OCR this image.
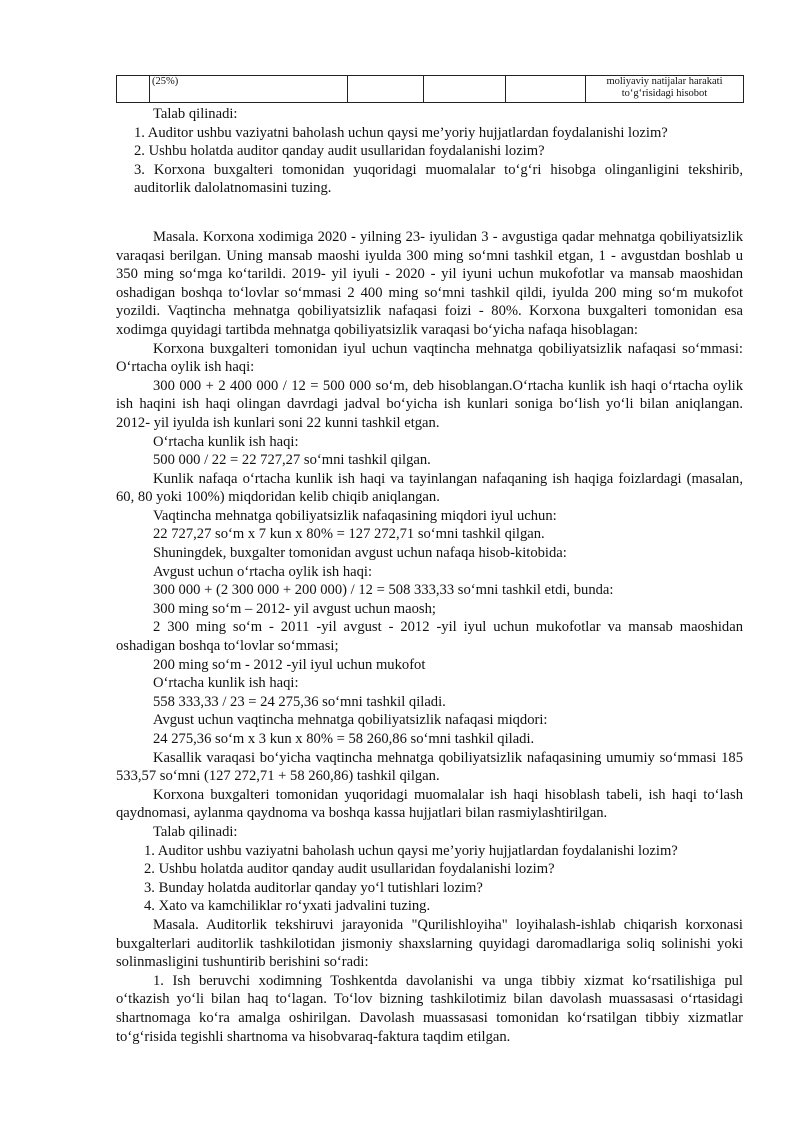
	(25%)				moliyaviy natijalar harakati to‘g‘risidagi hisobot

Talab qilinadi:

1. Auditor ushbu vaziyatni baholash uchun qaysi me’yoriy hujjatlardan foydalanishi lozim?

2. Ushbu holatda auditor qanday audit usullaridan foydalanishi lozim?

3. Korxona buxgalteri tomonidan yuqoridagi muomalalar to‘g‘ri hisobga olinganligini tekshirib, auditorlik dalolatnomasini tuzing.

Masala. Korxona xodimiga 2020 - yilning 23- iyulidan 3 - avgustiga qadar mehnatga qobiliyatsizlik varaqasi berilgan. Uning mansab maoshi iyulda 300 ming so‘mni tashkil etgan, 1 - avgustdan boshlab u 350 ming so‘mga ko‘tarildi. 2019- yil iyuli - 2020 - yil iyuni uchun mukofotlar va mansab maoshidan oshadigan boshqa to‘lovlar so‘mmasi 2 400 ming so‘mni tashkil qildi, iyulda 200 ming so‘m mukofot yozildi. Vaqtincha mehnatga qobiliyatsizlik nafaqasi foizi - 80%. Korxona buxgalteri tomonidan esa xodimga quyidagi tartibda mehnatga qobiliyatsizlik varaqasi bo‘yicha nafaqa hisoblagan:

Korxona buxgalteri tomonidan iyul uchun vaqtincha mehnatga qobiliyatsizlik nafaqasi so‘mmasi: O‘rtacha oylik ish haqi:

300 000 + 2 400 000 / 12 = 500 000 so‘m, deb hisoblangan.O‘rtacha kunlik ish haqi o‘rtacha oylik ish haqini ish haqi olingan davrdagi jadval bo‘yicha ish kunlari soniga bo‘lish yo‘li bilan aniqlangan. 2012- yil iyulda ish kunlari soni 22 kunni tashkil etgan.

O‘rtacha kunlik ish haqi:

500 000 / 22 = 22 727,27 so‘mni tashkil qilgan.

Kunlik nafaqa o‘rtacha kunlik ish haqi va tayinlangan nafaqaning ish haqiga foizlardagi (masalan, 60, 80 yoki 100%) miqdoridan kelib chiqib aniqlangan.

Vaqtincha mehnatga qobiliyatsizlik nafaqasining miqdori iyul uchun:

22 727,27 so‘m x 7 kun x 80% = 127 272,71 so‘mni tashkil qilgan.

Shuningdek, buxgalter tomonidan avgust uchun nafaqa hisob-kitobida:

Avgust uchun o‘rtacha oylik ish haqi:

300 000 + (2 300 000 + 200 000) / 12 = 508 333,33 so‘mni tashkil etdi, bunda:

300 ming so‘m – 2012- yil avgust uchun maosh;

2 300 ming so‘m - 2011 -yil avgust - 2012 -yil iyul uchun mukofotlar va mansab maoshidan oshadigan boshqa to‘lovlar so‘mmasi;

200 ming so‘m - 2012 -yil iyul uchun mukofot

O‘rtacha kunlik ish haqi:

558 333,33 / 23 = 24 275,36 so‘mni tashkil qiladi.

Avgust uchun vaqtincha mehnatga qobiliyatsizlik nafaqasi miqdori:

24 275,36 so‘m x 3 kun x 80% = 58 260,86 so‘mni tashkil qiladi.

Kasallik varaqasi bo‘yicha vaqtincha mehnatga qobiliyatsizlik nafaqasining umumiy so‘mmasi 185 533,57 so‘mni (127 272,71 + 58 260,86) tashkil qilgan.

Korxona buxgalteri tomonidan yuqoridagi muomalalar ish haqi hisoblash tabeli, ish haqi to‘lash qaydnomasi, aylanma qaydnoma va boshqa kassa hujjatlari bilan rasmiylashtirilgan.

Talab qilinadi:

1. Auditor ushbu vaziyatni baholash uchun qaysi me’yoriy hujjatlardan foydalanishi lozim?

2. Ushbu holatda auditor qanday audit usullaridan foydalanishi lozim?

3. Bunday holatda auditorlar qanday yo‘l tutishlari lozim?

4. Xato va kamchiliklar ro‘yxati jadvalini tuzing.

Masala. Auditorlik tekshiruvi jarayonida "Qurilishloyiha" loyihalash-ishlab chiqarish korxonasi buxgalterlari auditorlik tashkilotidan jismoniy shaxslarning quyidagi daromadlariga soliq solinishi yoki solinmasligini tushuntirib berishini so‘radi:

1. Ish beruvchi xodimning Toshkentda davolanishi va unga tibbiy xizmat ko‘rsatilishiga pul o‘tkazish yo‘li bilan haq to‘lagan. To‘lov bizning tashkilotimiz bilan davolash muassasasi o‘rtasidagi shartnomaga ko‘ra amalga oshirilgan. Davolash muassasasi tomonidan ko‘rsatilgan tibbiy xizmatlar to‘g‘risida tegishli shartnoma va hisobvaraq-faktura taqdim etilgan.
